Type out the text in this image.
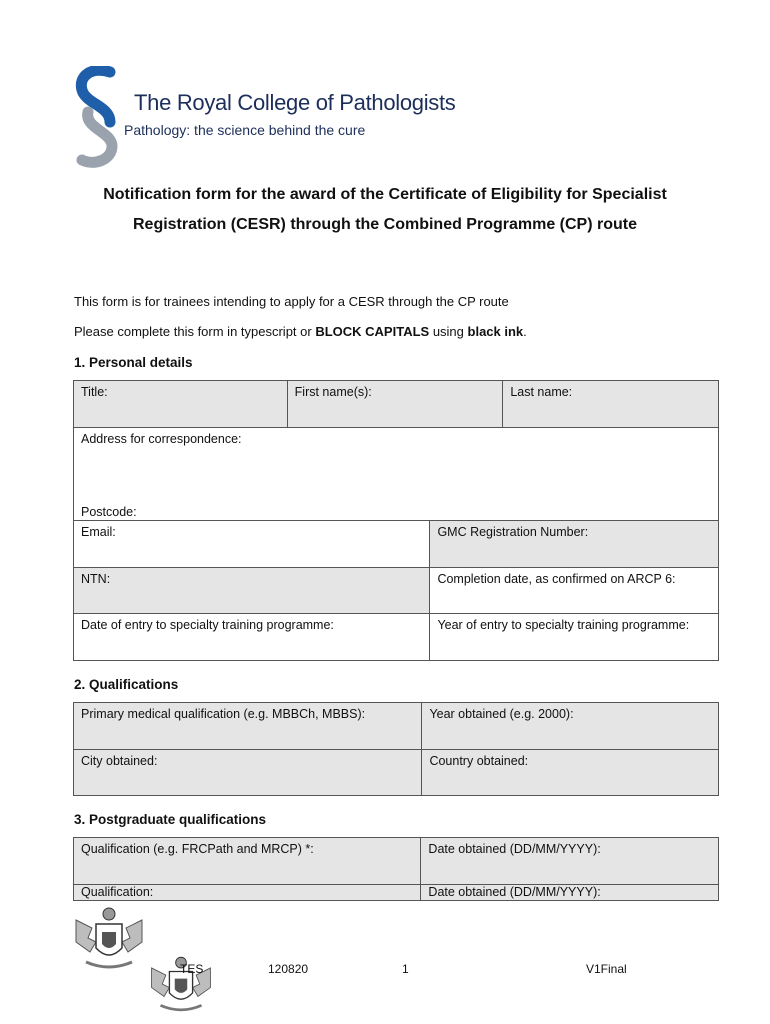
The Royal College of Pathologists
Pathology: the science behind the cure
Notification form for the award of the Certificate of Eligibility for Specialist Registration (CESR) through the Combined Programme (CP) route
This form is for trainees intending to apply for a CESR through the CP route
Please complete this form in typescript or BLOCK CAPITALS using black ink.
1. Personal details
Title:	First name(s):		Last name:

Address for correspondence:
Postcode:			

Email:		GMC Registration Number:	
NTN:		Completion date, as confirmed on ARCP 6:	
Date of entry to specialty training programme:		Year of entry to specialty training programme:	
2. Qualifications
Primary medical qualification (e.g. MBBCh, MBBS):	Year obtained (e.g. 2000):
City obtained:	Country obtained:
3. Postgraduate qualifications
Qualification (e.g. FRCPath and MRCP) *:	Date obtained (DD/MM/YYYY):
Qualification:	Date obtained (DD/MM/YYYY):
TES	120820	1	V1Final
